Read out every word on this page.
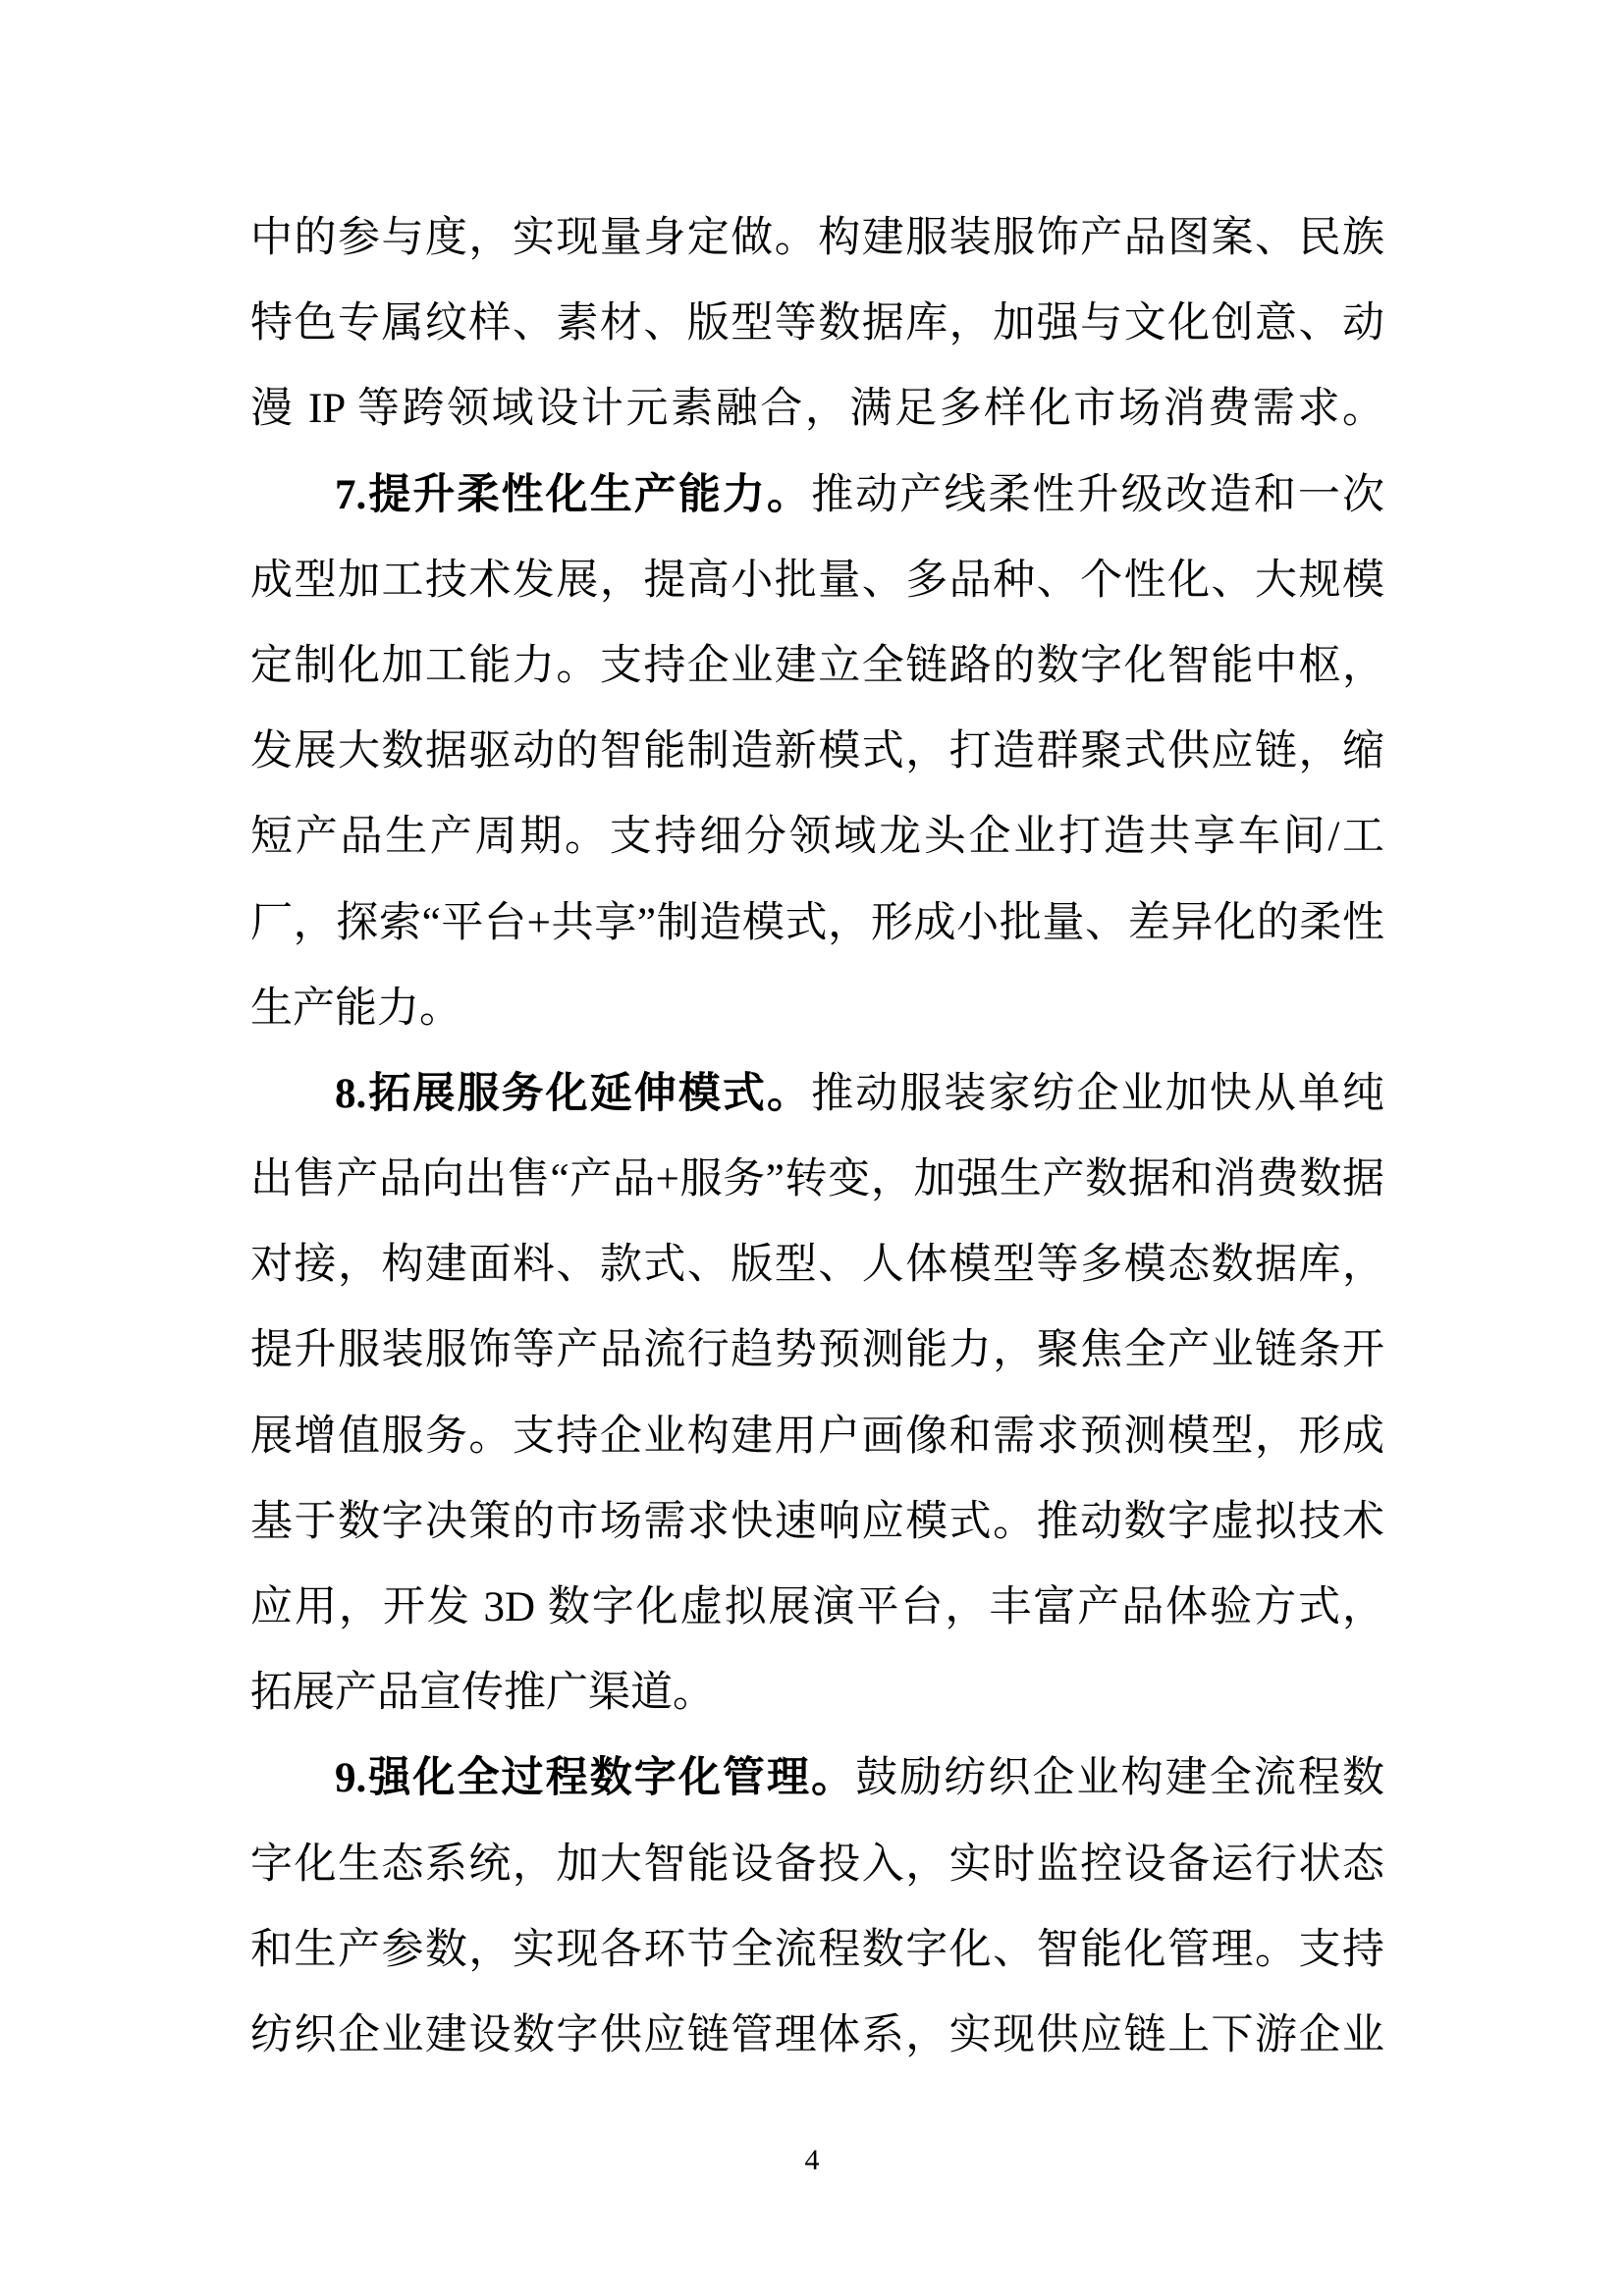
中的参与度，实现量身定做。构建服装服饰产品图案、民族
特色专属纹样、素材、版型等数据库，加强与文化创意、动
漫 IP 等跨领域设计元素融合，满足多样化市场消费需求。
7.提升柔性化生产能力。推动产线柔性升级改造和一次
成型加工技术发展，提高小批量、多品种、个性化、大规模
定制化加工能力。支持企业建立全链路的数字化智能中枢，
发展大数据驱动的智能制造新模式，打造群聚式供应链，缩
短产品生产周期。支持细分领域龙头企业打造共享车间/工
厂，探索“平台+共享”制造模式，形成小批量、差异化的柔性
生产能力。
8.拓展服务化延伸模式。推动服装家纺企业加快从单纯
出售产品向出售“产品+服务”转变，加强生产数据和消费数据
对接，构建面料、款式、版型、人体模型等多模态数据库，
提升服装服饰等产品流行趋势预测能力，聚焦全产业链条开
展增值服务。支持企业构建用户画像和需求预测模型，形成
基于数字决策的市场需求快速响应模式。推动数字虚拟技术
应用，开发 3D 数字化虚拟展演平台，丰富产品体验方式，
拓展产品宣传推广渠道。
9.强化全过程数字化管理。鼓励纺织企业构建全流程数
字化生态系统，加大智能设备投入，实时监控设备运行状态
和生产参数，实现各环节全流程数字化、智能化管理。支持
纺织企业建设数字供应链管理体系，实现供应链上下游企业
4
